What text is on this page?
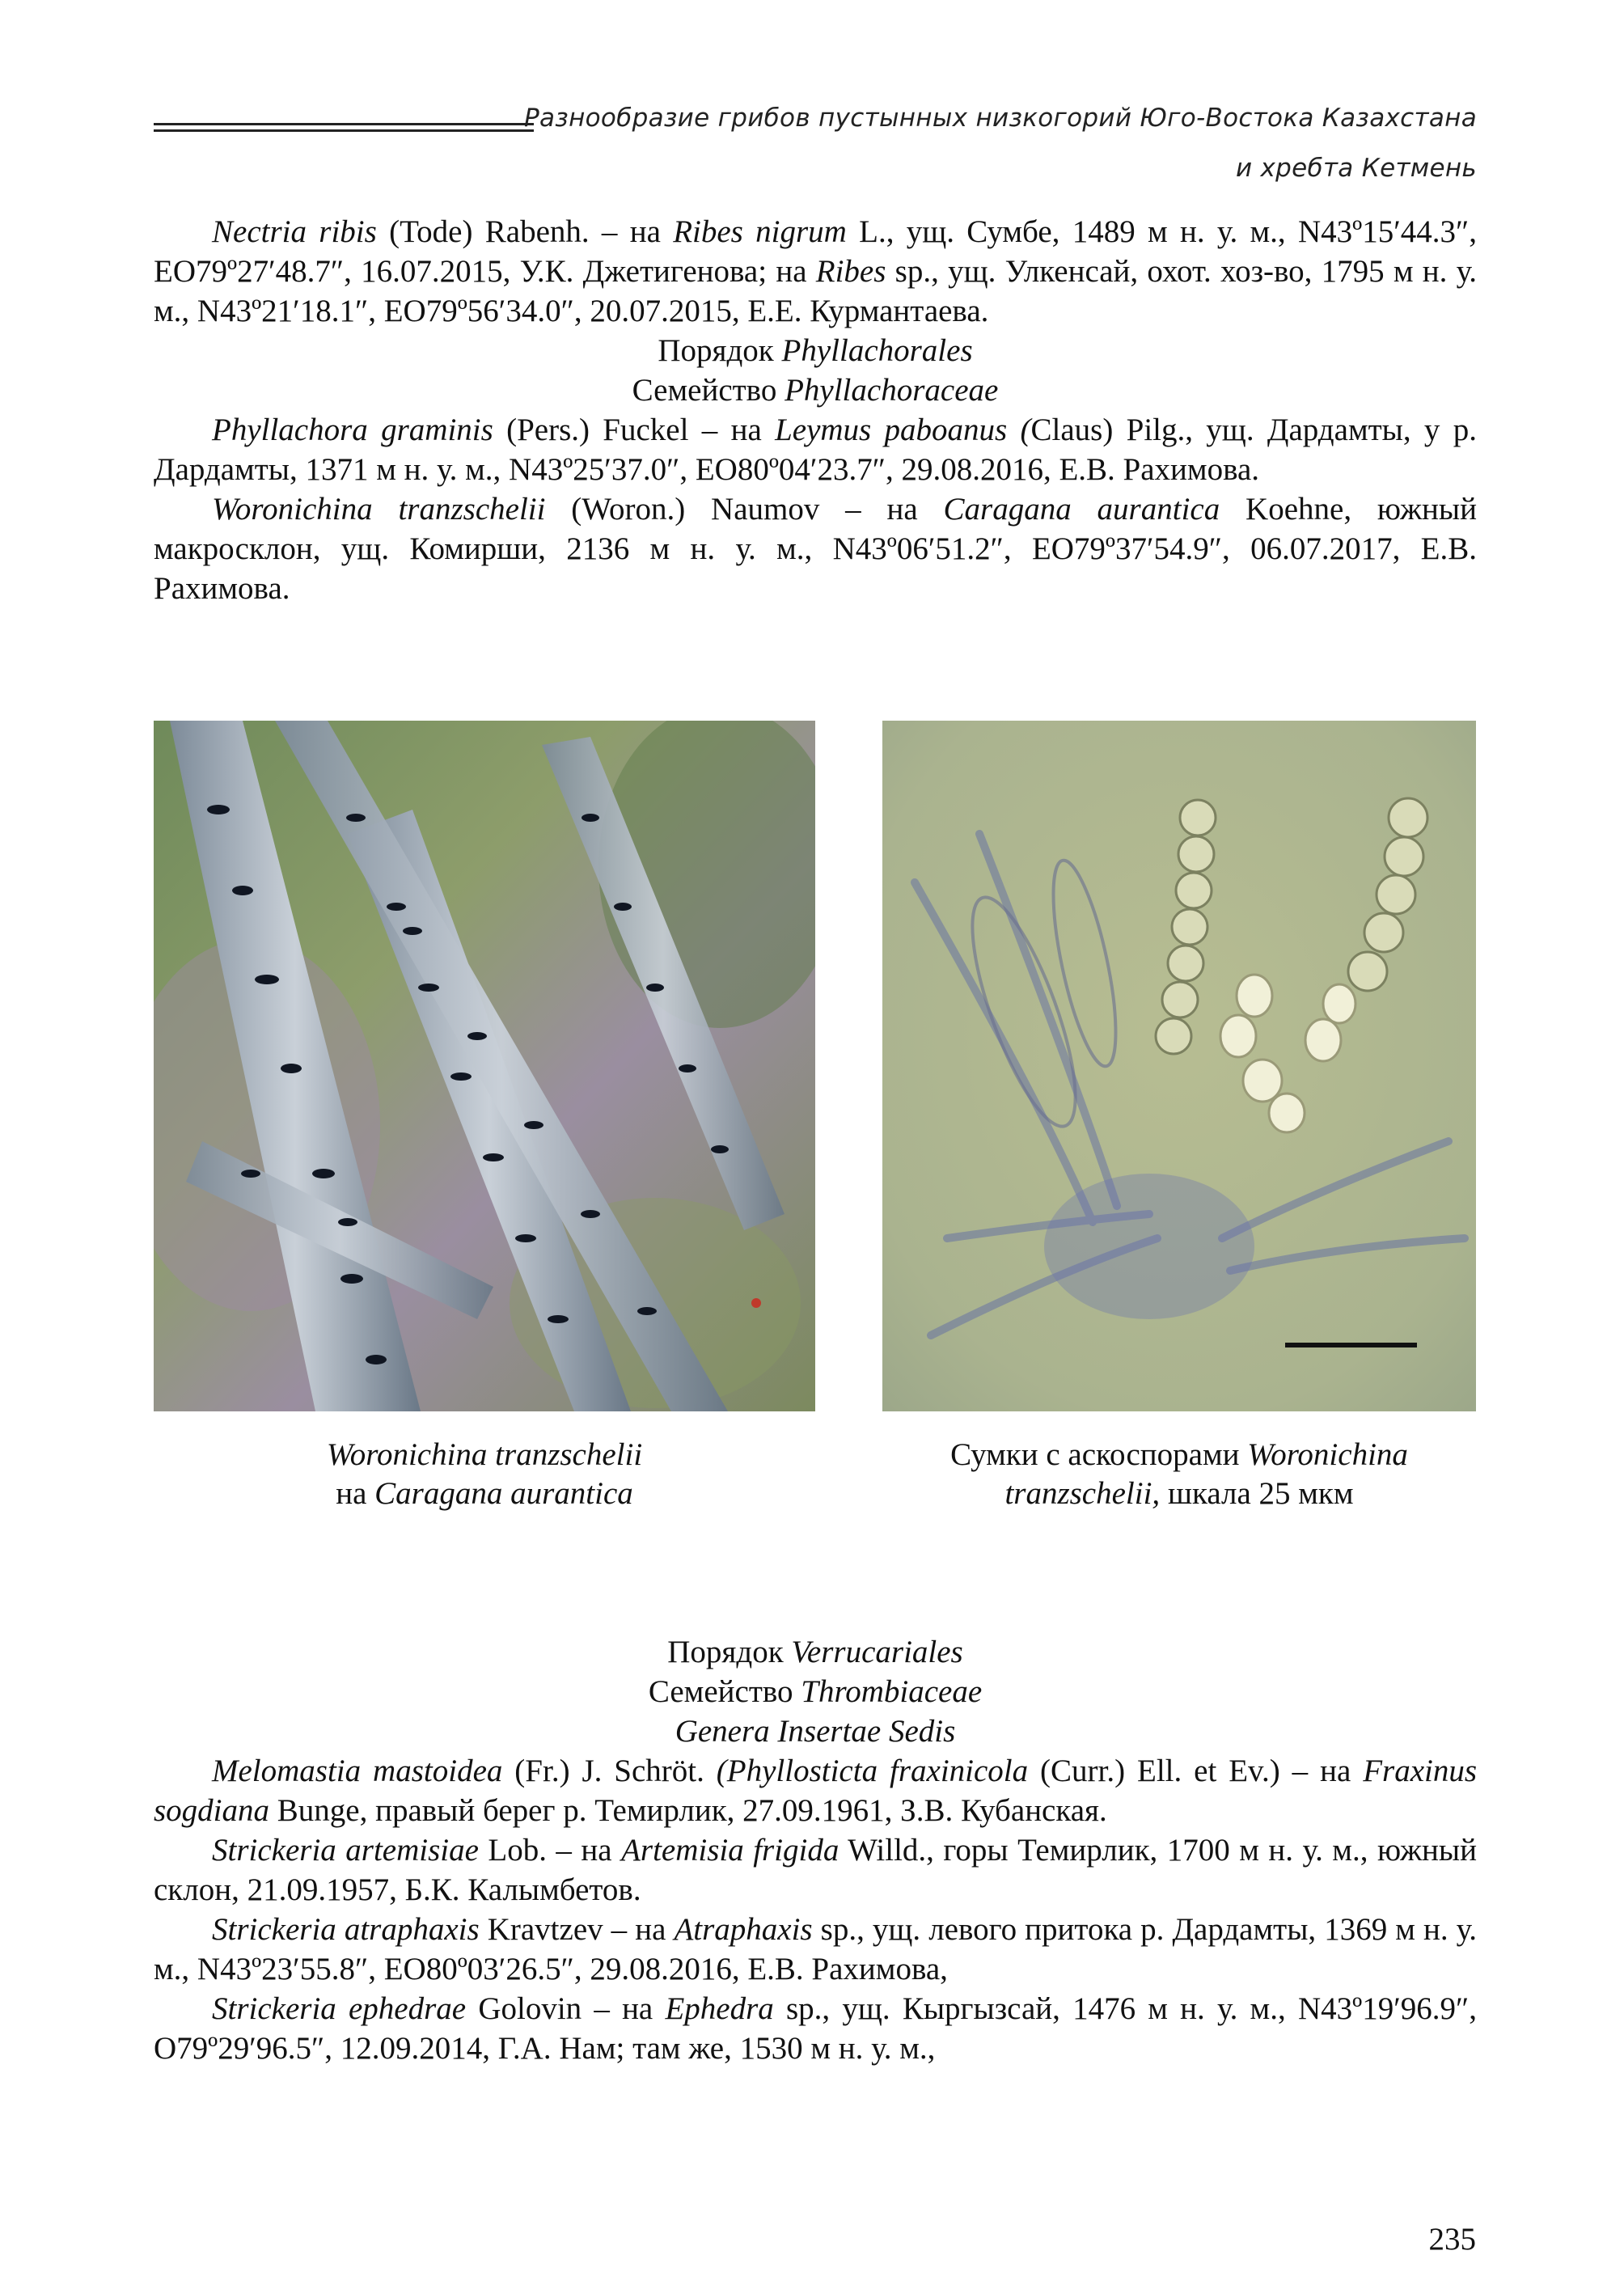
Разнообразие грибов пустынных низкогорий Юго-Востока Казахстана
и хребта Кетмень

Nectria ribis (Tode) Rabenh. – на Ribes nigrum L., ущ. Сумбе, 1489 м н. у. м., N43º15′44.3″, ЕО79º27′48.7″, 16.07.2015, У.К. Джетигенова; на Ribes sp., ущ. Улкенсай, охот. хоз-во, 1795 м н. у. м., N43º21′18.1″, ЕО79º56′34.0″, 20.07.2015, Е.Е. Курмантаева.

Порядок Phyllachorales

Семейство Phyllachoraceae

Phyllachora graminis (Pers.) Fuckel – на Leymus paboanus (Claus) Pilg., ущ. Дардамты, у р. Дардамты, 1371 м н. у. м., N43º25′37.0″, ЕО80º04′23.7″, 29.08.2016, Е.В. Рахимова.

Woronichina tranzschelii (Woron.) Naumov – на Caragana aurantica Koehne, южный макросклон, ущ. Комирши, 2136 м н. у. м., N43º06′51.2″, ЕО79º37′54.9″, 06.07.2017, Е.В. Рахимова.

Woronichina tranzschelii
на Caragana aurantica
Сумки с аскоспорами Woronichina tranzschelii, шкала 25 мкм

Порядок Verrucariales

Семейство Thrombiaceae

Genera Insertae Sedis

Melomastia mastoidea (Fr.) J. Schröt. (Phyllosticta fraxinicola (Curr.) Ell. et Ev.) – на Fraxinus sogdiana Bunge, правый берег р. Темирлик, 27.09.1961, З.В. Кубанская.

Strickeria artemisiae Lob. – на Artemisia frigida Willd., горы Темирлик, 1700 м н. у. м., южный склон, 21.09.1957, Б.К. Калымбетов.

Strickeria atraphaxis Kravtzev – на Atraphaxis sp., ущ. левого притока р. Дардамты, 1369 м н. у. м., N43º23′55.8″, ЕО80º03′26.5″, 29.08.2016, Е.В. Рахимова,

Strickeria ephedrae Golovin – на Ephedra sp., ущ. Кыргызсай, 1476 м н. у. м., N43º19′96.9″, О79º29′96.5″, 12.09.2014, Г.А. Нам; там же, 1530 м н. у. м.,

235
